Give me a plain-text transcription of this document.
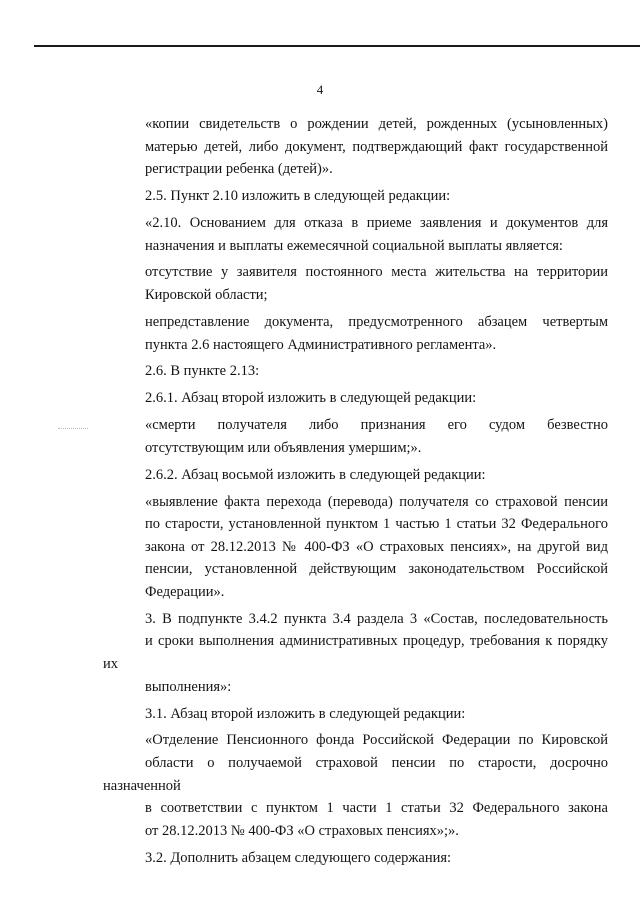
4

«копии свидетельств о рождении детей, рожденных (усыновленных)
матерью детей, либо документ, подтверждающий факт государственной
регистрации ребенка (детей)».

2.5. Пункт 2.10 изложить в следующей редакции:

«2.10. Основанием для отказа в приеме заявления и документов для
назначения и выплаты ежемесячной социальной выплаты является:

отсутствие у заявителя постоянного места жительства на территории
Кировской области;

непредставление документа, предусмотренного абзацем четвертым
пункта 2.6 настоящего Административного регламента».

2.6. В пункте 2.13:

2.6.1. Абзац второй изложить в следующей редакции:

«смерти получателя либо признания его судом безвестно
отсутствующим или объявления умершим;».

2.6.2. Абзац восьмой изложить в следующей редакции:

«выявление факта перехода (перевода) получателя со страховой пенсии
по старости, установленной пунктом 1 частью 1 статьи 32 Федерального
закона от 28.12.2013 № 400-ФЗ «О страховых пенсиях», на другой вид
пенсии, установленной действующим законодательством Российской
Федерации».

3. В подпункте 3.4.2 пункта 3.4 раздела 3 «Состав, последовательность
и сроки выполнения административных процедур, требования к порядку их
выполнения»:

3.1. Абзац второй изложить в следующей редакции:

«Отделение Пенсионного фонда Российской Федерации по Кировской
области о получаемой страховой пенсии по старости, досрочно назначенной
в соответствии с пунктом 1 части 1 статьи 32 Федерального закона
от 28.12.2013 № 400-ФЗ «О страховых пенсиях»;».

3.2. Дополнить абзацем следующего содержания:
